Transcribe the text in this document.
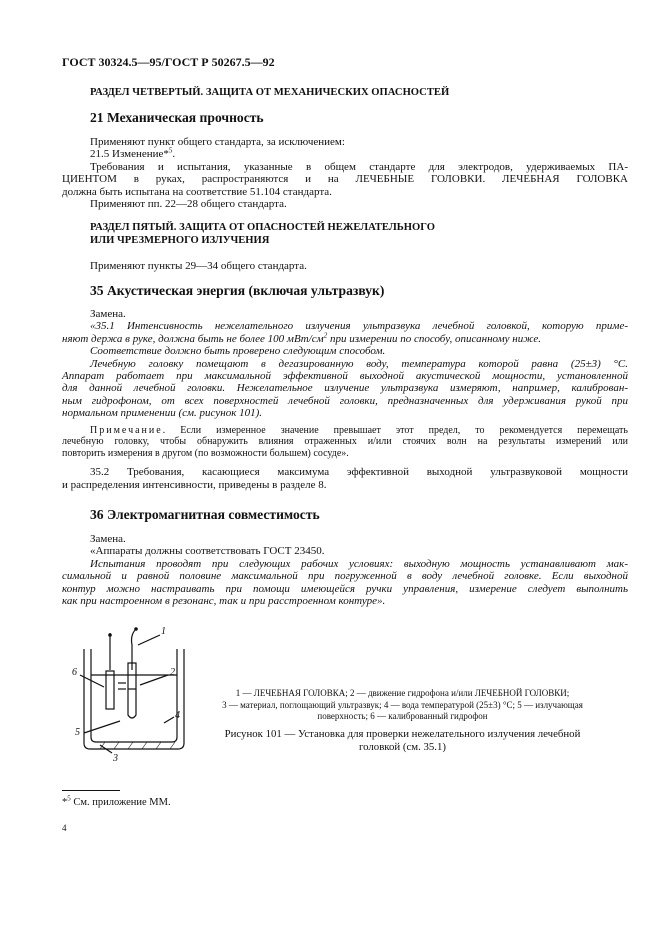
ГОСТ 30324.5—95/ГОСТ Р 50267.5—92
РАЗДЕЛ ЧЕТВЕРТЫЙ. ЗАЩИТА ОТ МЕХАНИЧЕСКИХ ОПАСНОСТЕЙ
21 Механическая прочность
Применяют пункт общего стандарта, за исключением:
21.5 Изменение*$^5$.
Требования и испытания, указанные в общем стандарте для электродов, удерживаемых ПА-
ЦИЕНТОМ в руках, распространяются и на ЛЕЧЕБНЫЕ ГОЛОВКИ. ЛЕЧЕБНАЯ ГОЛОВКА
должна быть испытана на соответствие 51.104 стандарта.
Применяют пп. 22—28 общего стандарта.
РАЗДЕЛ ПЯТЫЙ. ЗАЩИТА ОТ ОПАСНОСТЕЙ НЕЖЕЛАТЕЛЬНОГО
ИЛИ ЧРЕЗМЕРНОГО ИЗЛУЧЕНИЯ
Применяют пункты 29—34 общего стандарта.
35 Акустическая энергия (включая ультразвук)
Замена.
«35.1 Интенсивность нежелательного излучения ультразвука лечебной головкой, которую приме-
няют держа в руке, должна быть не более 100 мВт/$см^2$ при измерении по способу, описанному ниже.
Соответствие должно быть проверено следующим способом.
Лечебную головку помещают в дегазированную воду, температура которой равна (25±3) °С.
Аппарат работает при максимальной эффективной выходной акустической мощности, установленной
для данной лечебной головки. Нежелательное излучение ультразвука измеряют, например, калиброван-
ным гидрофоном, от всех поверхностей лечебной головки, предназначенных для удерживания рукой при
нормальном применении (см. рисунок 101).
Примечание. Если измеренное значение превышает этот предел, то рекомендуется перемещать
лечебную головку, чтобы обнаружить влияния отраженных и/или стоячих волн на результаты измерений или
повторить измерения в другом (по возможности большем) сосуде».
35.2 Требования, касающиеся максимума эффективной выходной ультразвуковой мощности
и распределения интенсивности, приведены в разделе 8.
36 Электромагнитная совместимость
Замена.
«Аппараты должны соответствовать ГОСТ 23450.
Испытания проводят при следующих рабочих условиях: выходную мощность устанавливают мак-
симальной и равной половине максимальной при погруженной в воду лечебной головке. Если выходной
контур можно настраивать при помощи имеющейся ручки управления, измерение следует выполнить
как при настроенном в резонанс, так и при расстроенном контуре».
1
2
3
4
5
6
1 — ЛЕЧЕБНАЯ ГОЛОВКА; 2 — движение гидрофона и/или ЛЕЧЕБНОЙ ГОЛОВКИ;
3 — материал, поглощающий ультразвук; 4 — вода температурой (25±3) °С; 5 — излучающая
поверхность; 6 — калиброванный гидрофон
Рисунок 101 — Установка для проверки нежелательного излучения лечебной
головкой (см. 35.1)
*$^5$ См. приложение ММ.
4
